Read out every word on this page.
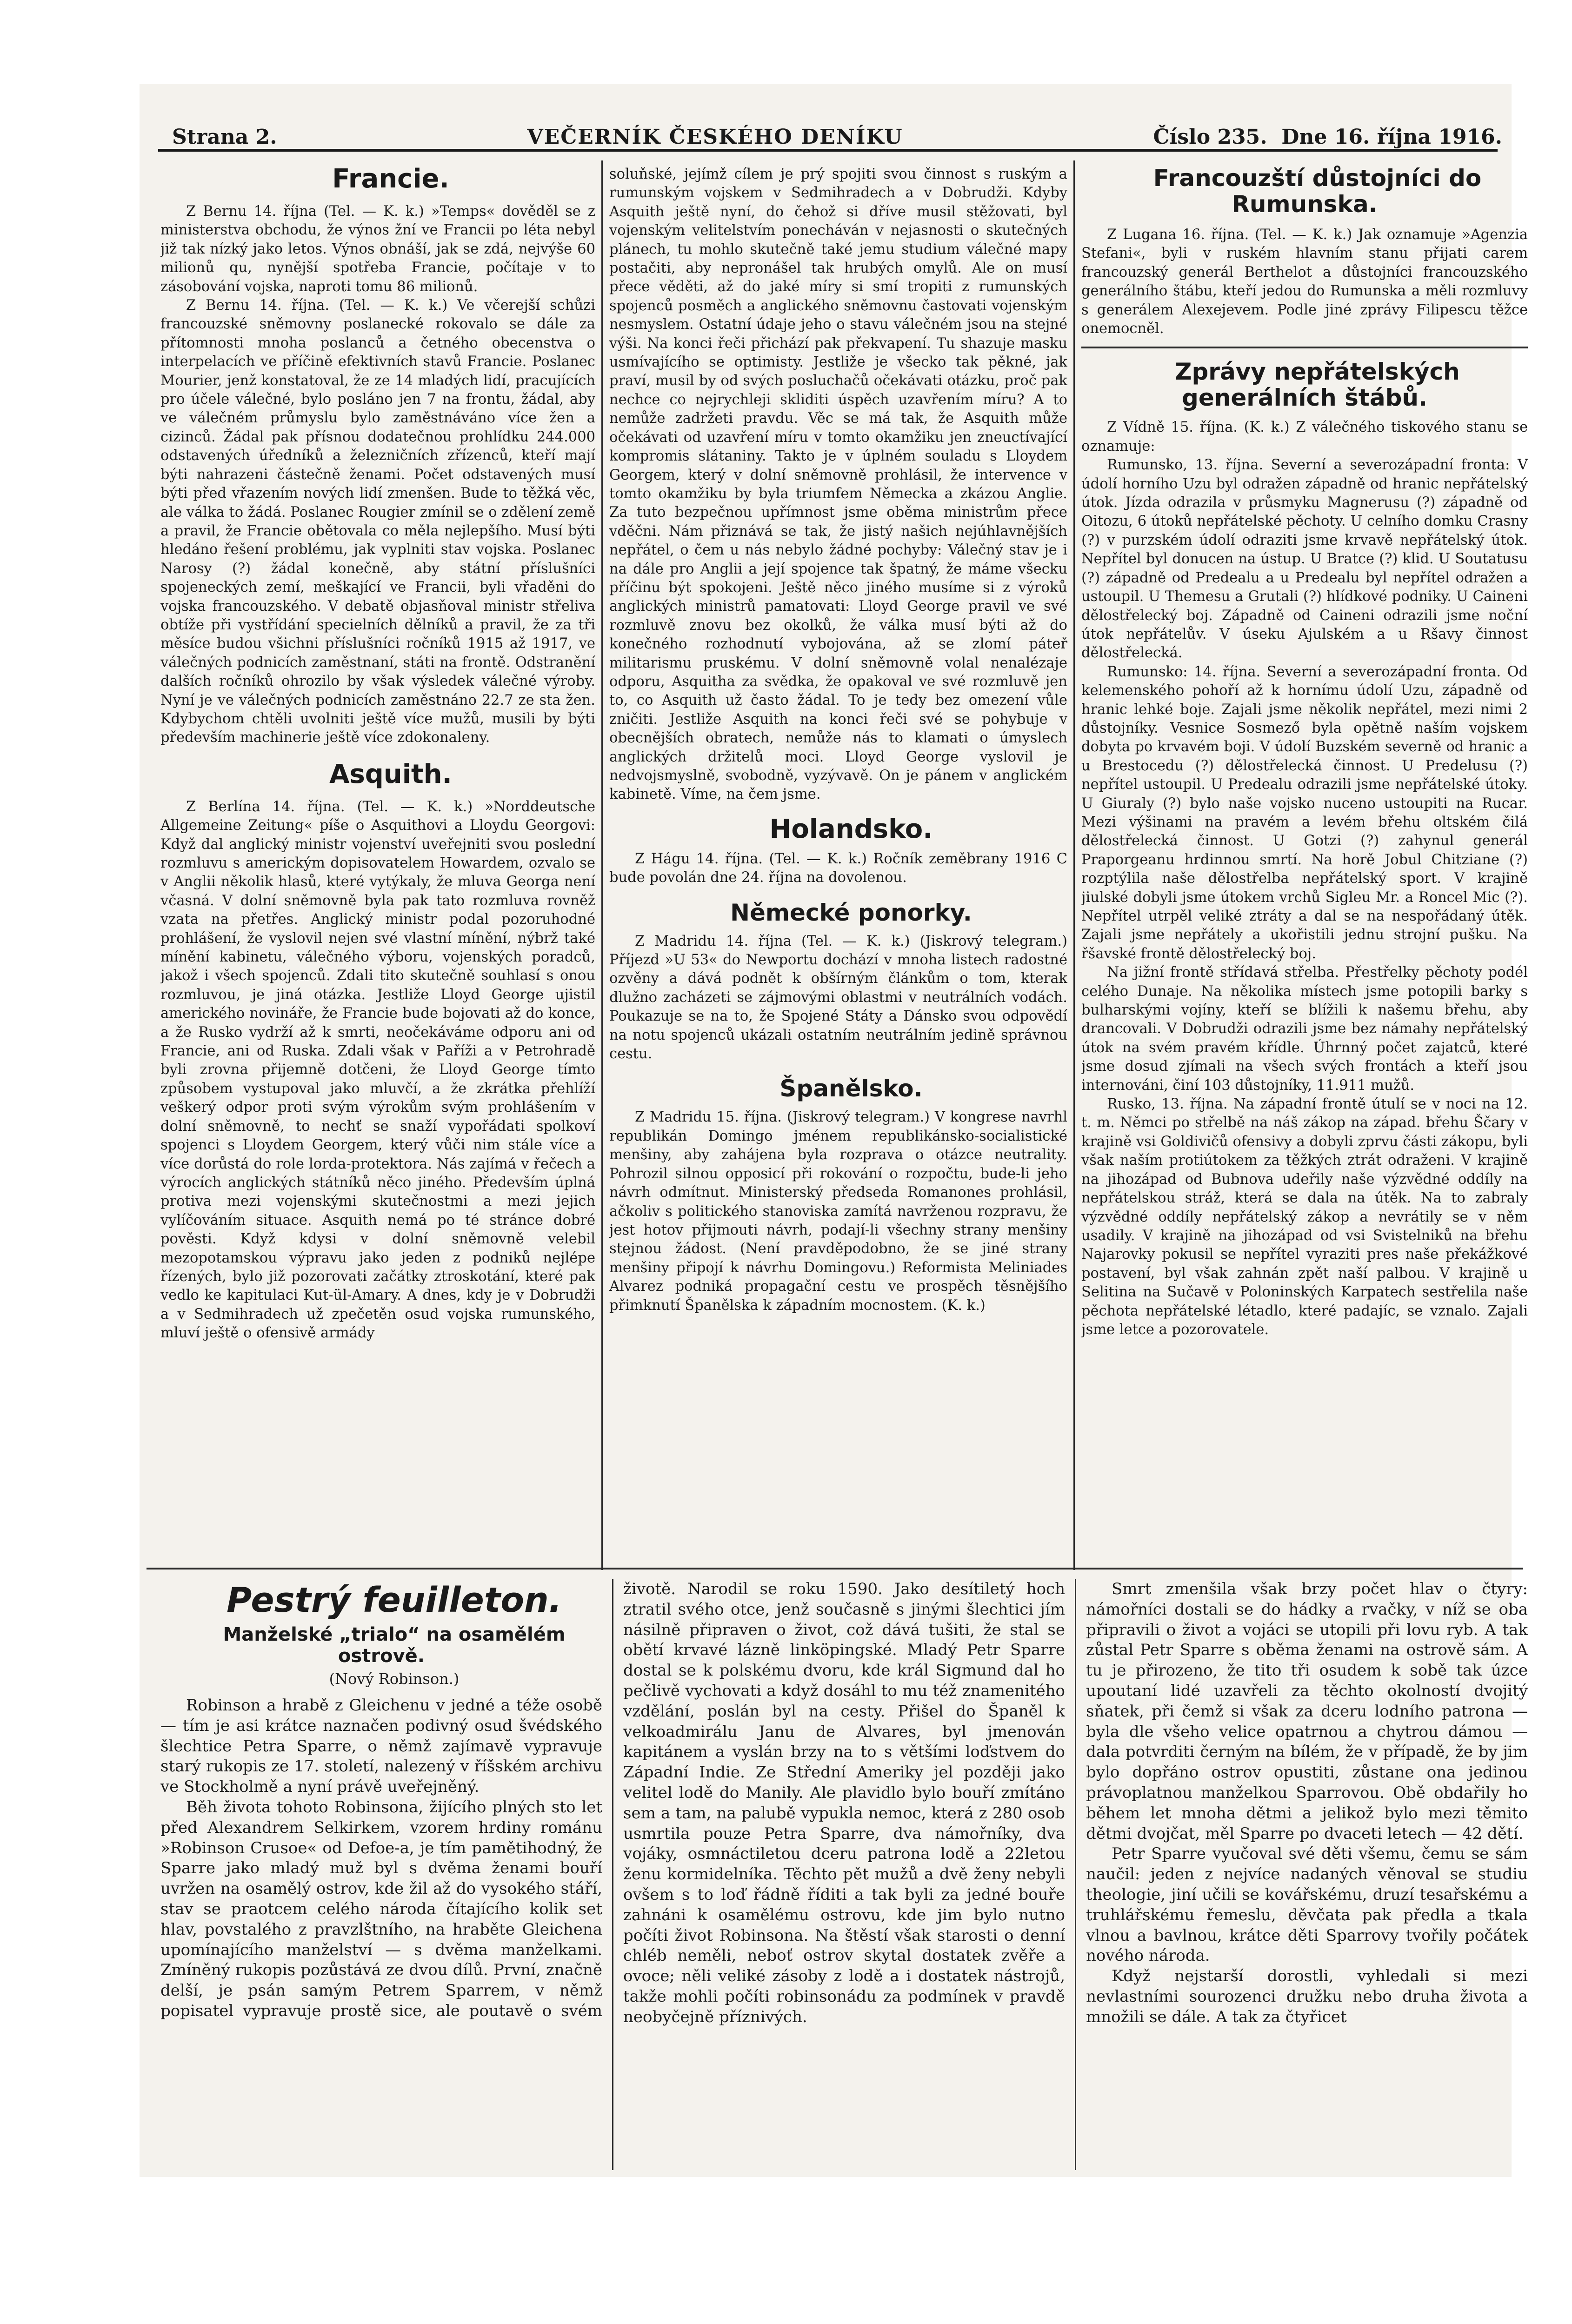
Strana 2.	VEČERNÍK ČESKÉHO DENÍKU	Číslo 235. Dne 16. října 1916.

Francie.

Z Bernu 14. října (Tel. — K. k.) »Temps« dověděl se z ministerstva obchodu, že výnos žní ve Francii po léta nebyl již tak nízký jako letos. Výnos obnáší, jak se zdá, nejvýše 60 milionů qu, nynější spotřeba Francie, počítaje v to zásobování vojska, naproti tomu 86 milionů.

Z Bernu 14. října. (Tel. — K. k.) Ve včerejší schůzi francouzské sněmovny poslanecké rokovalo se dále za přítomnosti mnoha poslanců a četného obecenstva o interpelacích ve příčině efektivních stavů Francie. Poslanec Mourier, jenž konstatoval, že ze 14 mladých lidí, pracujících pro účele válečné, bylo posláno jen 7 na frontu, žádal, aby ve válečném průmyslu bylo zaměstnáváno více žen a cizinců. Žádal pak přísnou dodatečnou prohlídku 244.000 odstavených úředníků a železničních zřízenců, kteří mají býti nahrazeni částečně ženami. Počet odstavených musí býti před vřazením nových lidí zmenšen. Bude to těžká věc, ale válka to žádá. Poslanec Rougier zmínil se o zdělení země a pravil, že Francie obětovala co měla nejlepšího. Musí býti hledáno řešení problému, jak vyplniti stav vojska. Poslanec Narosy (?) žádal konečně, aby státní příslušníci spojeneckých zemí, meškající ve Francii, byli vřaděni do vojska francouzského. V debatě objasňoval ministr střeliva obtíže při vystřídání specielních dělníků a pravil, že za tři měsíce budou všichni příslušníci ročníků 1915 až 1917, ve válečných podnicích zaměstnaní, státi na frontě. Odstranění dalších ročníků ohrozilo by však výsledek válečné výroby. Nyní je ve válečných podnicích zaměstnáno 22.7 ze sta žen. Kdybychom chtěli uvolniti ještě více mužů, musili by býti především machinerie ještě více zdokonaleny.

Asquith.

Z Berlína 14. října. (Tel. — K. k.) »Norddeutsche Allgemeine Zeitung« píše o Asquithovi a Lloydu Georgovi: Když dal anglický ministr vojenství uveřejniti svou poslední rozmluvu s americkým dopisovatelem Howardem, ozvalo se v Anglii několik hlasů, které vytýkaly, že mluva Georga není včasná. V dolní sněmovně byla pak tato rozmluva rovněž vzata na přetřes. Anglický ministr podal pozoruhodné prohlášení, že vyslovil nejen své vlastní mínění, nýbrž také mínění kabinetu, válečného výboru, vojenských poradců, jakož i všech spojenců. Zdali tito skutečně souhlasí s onou rozmluvou, je jiná otázka. Jestliže Lloyd George ujistil amerického novináře, že Francie bude bojovati až do konce, a že Rusko vydrží až k smrti, neočekáváme odporu ani od Francie, ani od Ruska. Zdali však v Paříži a v Petrohradě byli zrovna přijemně dotčeni, že Lloyd George tímto způsobem vystupoval jako mluvčí, a že zkrátka přehlíží veškerý odpor proti svým výrokům svým prohlášením v dolní sněmovně, to nechť se snaží vypořádati spolkoví spojenci s Lloydem Georgem, který vůči nim stále více a více dorůstá do role lorda-protektora. Nás zajímá v řečech a výrocích anglických státníků něco jiného. Především úplná protiva mezi vojenskými skutečnostmi a mezi jejich vylíčováním situace. Asquith nemá po té stránce dobré pověsti. Když kdysi v dolní sněmovně velebil mezopotamskou výpravu jako jeden z podniků nejlépe řízených, bylo již pozorovati začátky ztroskotání, které pak vedlo ke kapitulaci Kut-ül-Amary. A dnes, kdy je v Dobrudži a v Sedmihradech už zpečetěn osud vojska rumunského, mluví ještě o ofensivě armády

soluňské, jejímž cílem je prý spojiti svou činnost s ruským a rumunským vojskem v Sedmihradech a v Dobrudži. Kdyby Asquith ještě nyní, do čehož si dříve musil stěžovati, byl vojenským velitelstvím ponecháván v nejasnosti o skutečných plánech, tu mohlo skutečně také jemu studium válečné mapy postačiti, aby nepronášel tak hrubých omylů. Ale on musí přece věděti, až do jaké míry si smí tropiti z rumunských spojenců posměch a anglického sněmovnu častovati vojenským nesmyslem. Ostatní údaje jeho o stavu válečném jsou na stejné výši. Na konci řeči přichází pak překvapení. Tu shazuje masku usmívajícího se optimisty. Jestliže je všecko tak pěkné, jak praví, musil by od svých posluchačů očekávati otázku, proč pak nechce co nejrychleji skliditi úspěch uzavřením míru? A to nemůže zadržeti pravdu. Věc se má tak, že Asquith může očekávati od uzavření míru v tomto okamžiku jen zneuctívající kompromis slátaniny. Takto je v úplném souladu s Lloydem Georgem, který v dolní sněmovně prohlásil, že intervence v tomto okamžiku by byla triumfem Německa a zkázou Anglie. Za tuto bezpečnou upřímnost jsme oběma ministrům přece vděčni. Nám přiznává se tak, že jistý našich nejúhlavnějších nepřátel, o čem u nás nebylo žádné pochyby: Válečný stav je i na dále pro Anglii a její spojence tak špatný, že máme všecku příčinu být spokojeni. Ještě něco jiného musíme si z výroků anglických ministrů pamatovati: Lloyd George pravil ve své rozmluvě znovu bez okolků, že válka musí býti až do konečného rozhodnutí vybojována, až se zlomí páteř militarismu pruskému. V dolní sněmovně volal nenalézaje odporu, Asquitha za svědka, že opakoval ve své rozmluvě jen to, co Asquith už často žádal. To je tedy bez omezení vůle zničiti. Jestliže Asquith na konci řeči své se pohybuje v obecnějších obratech, nemůže nás to klamati o úmyslech anglických držitelů moci. Lloyd George vyslovil je nedvojsmyslně, svobodně, vyzývavě. On je pánem v anglickém kabinetě. Víme, na čem jsme.

Holandsko.

Z Hágu 14. října. (Tel. — K. k.) Ročník zeměbrany 1916 C bude povolán dne 24. října na dovolenou.

Německé ponorky.

Z Madridu 14. října (Tel. — K. k.) (Jiskrový telegram.) Příjezd »U 53« do Newportu dochází v mnoha listech radostné ozvěny a dává podnět k obšírným článkům o tom, kterak dlužno zacházeti se zájmovými oblastmi v neutrálních vodách. Poukazuje se na to, že Spojené Státy a Dánsko svou odpovědí na notu spojenců ukázali ostatním neutrálním jedině správnou cestu.

Španělsko.

Z Madridu 15. října. (Jiskrový telegram.) V kongrese navrhl republikán Domingo jménem republikánsko-socialistické menšiny, aby zahájena byla rozprava o otázce neutrality. Pohrozil silnou opposicí při rokování o rozpočtu, bude-li jeho návrh odmítnut. Ministerský předseda Romanones prohlásil, ačkoliv s politického stanoviska zamítá navrženou rozpravu, že jest hotov přijmouti návrh, podají-li všechny strany menšiny stejnou žádost. (Není pravděpodobno, že se jiné strany menšiny připojí k návrhu Domingovu.) Reformista Meliniades Alvarez podniká propagační cestu ve prospěch těsnějšího přimknutí Španělska k západním mocnostem. (K. k.)

Francouzští důstojníci do Rumunska.

Z Lugana 16. října. (Tel. — K. k.) Jak oznamuje »Agenzia Stefani«, byli v ruském hlavním stanu přijati carem francouzský generál Berthelot a důstojníci francouzského generálního štábu, kteří jedou do Rumunska a měli rozmluvy s generálem Alexejevem. Podle jiné zprávy Filipescu těžce onemocněl.

Zprávy nepřátelských generálních štábů.

Z Vídně 15. října. (K. k.) Z válečného tiskového stanu se oznamuje:

Rumunsko, 13. října. Severní a severozápadní fronta: V údolí horního Uzu byl odražen západně od hranic nepřátelský útok. Jízda odrazila v průsmyku Magnerusu (?) západně od Oitozu, 6 útoků nepřátelské pěchoty. U celního domku Crasny (?) v purzském údolí odraziti jsme krvavě nepřátelský útok. Nepřítel byl donucen na ústup. U Bratce (?) klid. U Soutatusu (?) západně od Predealu a u Predealu byl nepřítel odražen a ustoupil. U Themesu a Grutali (?) hlídkové podniky. U Caineni dělostřelecký boj. Západně od Caineni odrazili jsme noční útok nepřátelův. V úseku Ajulském a u Ršavy činnost dělostřelecká.

Rumunsko: 14. října. Severní a severozápadní fronta. Od kelemenského pohoří až k hornímu údolí Uzu, západně od hranic lehké boje. Zajali jsme několik nepřátel, mezi nimi 2 důstojníky. Vesnice Sosmező byla opětně naším vojskem dobyta po krvavém boji. V údolí Buzském severně od hranic a u Brestocedu (?) dělostřelecká činnost. U Predelusu (?) nepřítel ustoupil. U Predealu odrazili jsme nepřátelské útoky. U Giuraly (?) bylo naše vojsko nuceno ustoupiti na Rucar. Mezi výšinami na pravém a levém břehu oltském čilá dělostřelecká činnost. U Gotzi (?) zahynul generál Praporgeanu hrdinnou smrtí. Na horě Jobul Chitziane (?) rozptýlila naše dělostřelba nepřátelský sport. V krajině jiulské dobyli jsme útokem vrchů Sigleu Mr. a Roncel Mic (?). Nepřítel utrpěl veliké ztráty a dal se na nespořádaný útěk. Zajali jsme nepřátely a ukořistili jednu strojní pušku. Na řšavské frontě dělostřelecký boj.

Na jižní frontě střídavá střelba. Přestřelky pěchoty podél celého Dunaje. Na několika místech jsme potopili barky s bulharskými vojíny, kteří se blížili k našemu břehu, aby drancovali. V Dobrudži odrazili jsme bez námahy nepřátelský útok na svém pravém křídle. Úhrnný počet zajatců, které jsme dosud zjímali na všech svých frontách a kteří jsou internováni, činí 103 důstojníky, 11.911 mužů.

Rusko, 13. října. Na západní frontě útulí se v noci na 12. t. m. Němci po střelbě na náš zákop na západ. břehu Ščary v krajině vsi Goldivičů ofensivy a dobyli zprvu části zákopu, byli však naším protiútokem za těžkých ztrát odraženi. V krajině na jihozápad od Bubnova udeřily naše výzvědné oddíly na nepřátelskou stráž, která se dala na útěk. Na to zabraly výzvědné oddíly nepřátelský zákop a nevrátily se v něm usadily. V krajině na jihozápad od vsi Svistelniků na břehu Najarovky pokusil se nepřítel vyraziti pres naše překážkové postavení, byl však zahnán zpět naší palbou. V krajině u Selitina na Sučavě v Poloninských Karpatech sestřelila naše pěchota nepřátelské létadlo, které padajíc, se vznalo. Zajali jsme letce a pozorovatele.

Pestrý feuilleton.

Manželské „trialo“ na osamělém ostrově.

(Nový Robinson.)

Robinson a hrabě z Gleichenu v jedné a téže osobě — tím je asi krátce naznačen podivný osud švédského šlechtice Petra Sparre, o němž zajímavě vypravuje starý rukopis ze 17. století, nalezený v říšském archivu ve Stockholmě a nyní právě uveřejněný.

Běh života tohoto Robinsona, žijícího plných sto let před Alexandrem Selkirkem, vzorem hrdiny románu »Robinson Crusoe« od Defoe-a, je tím pamětihodný, že Sparre jako mladý muž byl s dvěma ženami bouří uvržen na osamělý ostrov, kde žil až do vysokého stáří, stav se praotcem celého národa čítajícího kolik set hlav, povstalého z pravzlštního, na hraběte Gleichena upomínajícího manželství — s dvěma manželkami. Zmíněný rukopis pozůstává ze dvou dílů. První, značně delší, je psán samým Petrem Sparrem, v němž popisatel vypravuje prostě sice, ale poutavě o svém životě. Narodil se roku 1590. Jako desítiletý hoch ztratil svého otce, jenž současně s jinými šlechtici jím násilně připraven o život, což dává tušiti, že stal se obětí krvavé lázně linköpingské. Mladý Petr Sparre dostal se k polskému dvoru, kde král Sigmund dal ho pečlivě vychovati a když dosáhl to mu též znamenitého vzdělání, poslán byl na cesty. Přišel do Španěl k velkoadmirálu Janu de Alvares, byl jmenován kapitánem a vyslán brzy na to s většími loďstvem do Západní Indie. Ze Střední Ameriky jel později jako velitel lodě do Manily. Ale plavidlo bylo bouří zmítáno sem a tam, na palubě vypukla nemoc, která z 280 osob usmrtila pouze Petra Sparre, dva námořníky, dva vojáky, osmnáctiletou dceru patrona lodě a 22letou ženu kormidelníka. Těchto pět mužů a dvě ženy nebyli ovšem s to loď řádně říditi a tak byli za jedné bouře zahnáni k osamělému ostrovu, kde jim bylo nutno počíti život Robinsona. Na štěstí však starosti o denní chléb neměli, neboť ostrov skytal dostatek zvěře a ovoce; něli veliké zásoby z lodě a i dostatek nástrojů, takže mohli počíti robinsonádu za podmínek v pravdě neobyčejně příznivých.

Smrt zmenšila však brzy počet hlav o čtyry: námořníci dostali se do hádky a rvačky, v níž se oba připravili o život a vojáci se utopili při lovu ryb. A tak zůstal Petr Sparre s oběma ženami na ostrově sám. A tu je přirozeno, že tito tři osudem k sobě tak úzce upoutaní lidé uzavřeli za těchto okolností dvojitý sňatek, při čemž si však za dceru lodního patrona — byla dle všeho velice opatrnou a chytrou dámou — dala potvrditi černým na bílém, že v případě, že by jim bylo dopřáno ostrov opustiti, zůstane ona jedinou právoplatnou manželkou Sparrovou. Obě obdařily ho během let mnoha dětmi a jelikož bylo mezi těmito dětmi dvojčat, měl Sparre po dvaceti letech — 42 dětí.

Petr Sparre vyučoval své děti všemu, čemu se sám naučil: jeden z nejvíce nadaných věnoval se studiu theologie, jiní učili se kovářskému, druzí tesařskému a truhlářskému řemeslu, děvčata pak předla a tkala vlnou a bavlnou, krátce děti Sparrovy tvořily počátek nového národa.

Když nejstarší dorostli, vyhledali si mezi nevlastními sourozenci družku nebo druha života a množili se dále. A tak za čtyřicet
